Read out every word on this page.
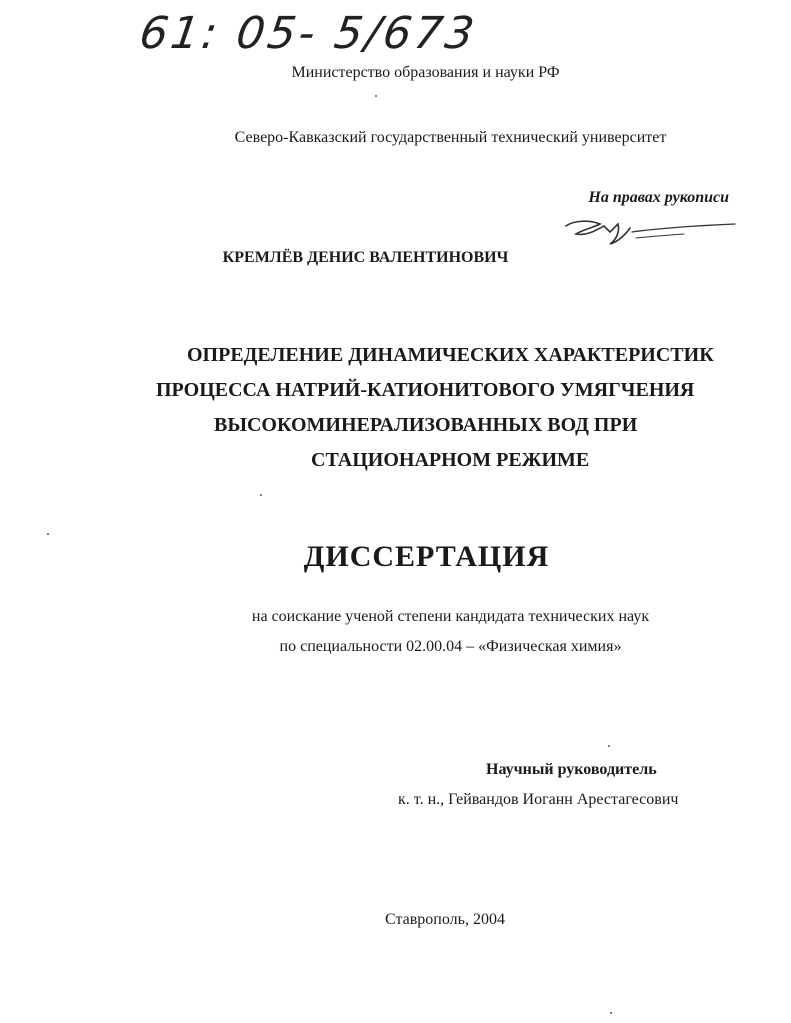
61: 05- 5/673
Министерство образования и науки РФ
Северо-Кавказский государственный технический университет
На правах рукописи
КРЕМЛЁВ ДЕНИС ВАЛЕНТИНОВИЧ
ОПРЕДЕЛЕНИЕ ДИНАМИЧЕСКИХ ХАРАКТЕРИСТИК
ПРОЦЕССА НАТРИЙ-КАТИОНИТОВОГО УМЯГЧЕНИЯ
ВЫСОКОМИНЕРАЛИЗОВАННЫХ ВОД ПРИ
СТАЦИОНАРНОМ РЕЖИМЕ
ДИССЕРТАЦИЯ
на соискание ученой степени кандидата технических наук
по специальности 02.00.04 – «Физическая химия»
Научный руководитель
к. т. н., Гейвандов Иоганн Арестагесович
Ставрополь, 2004
